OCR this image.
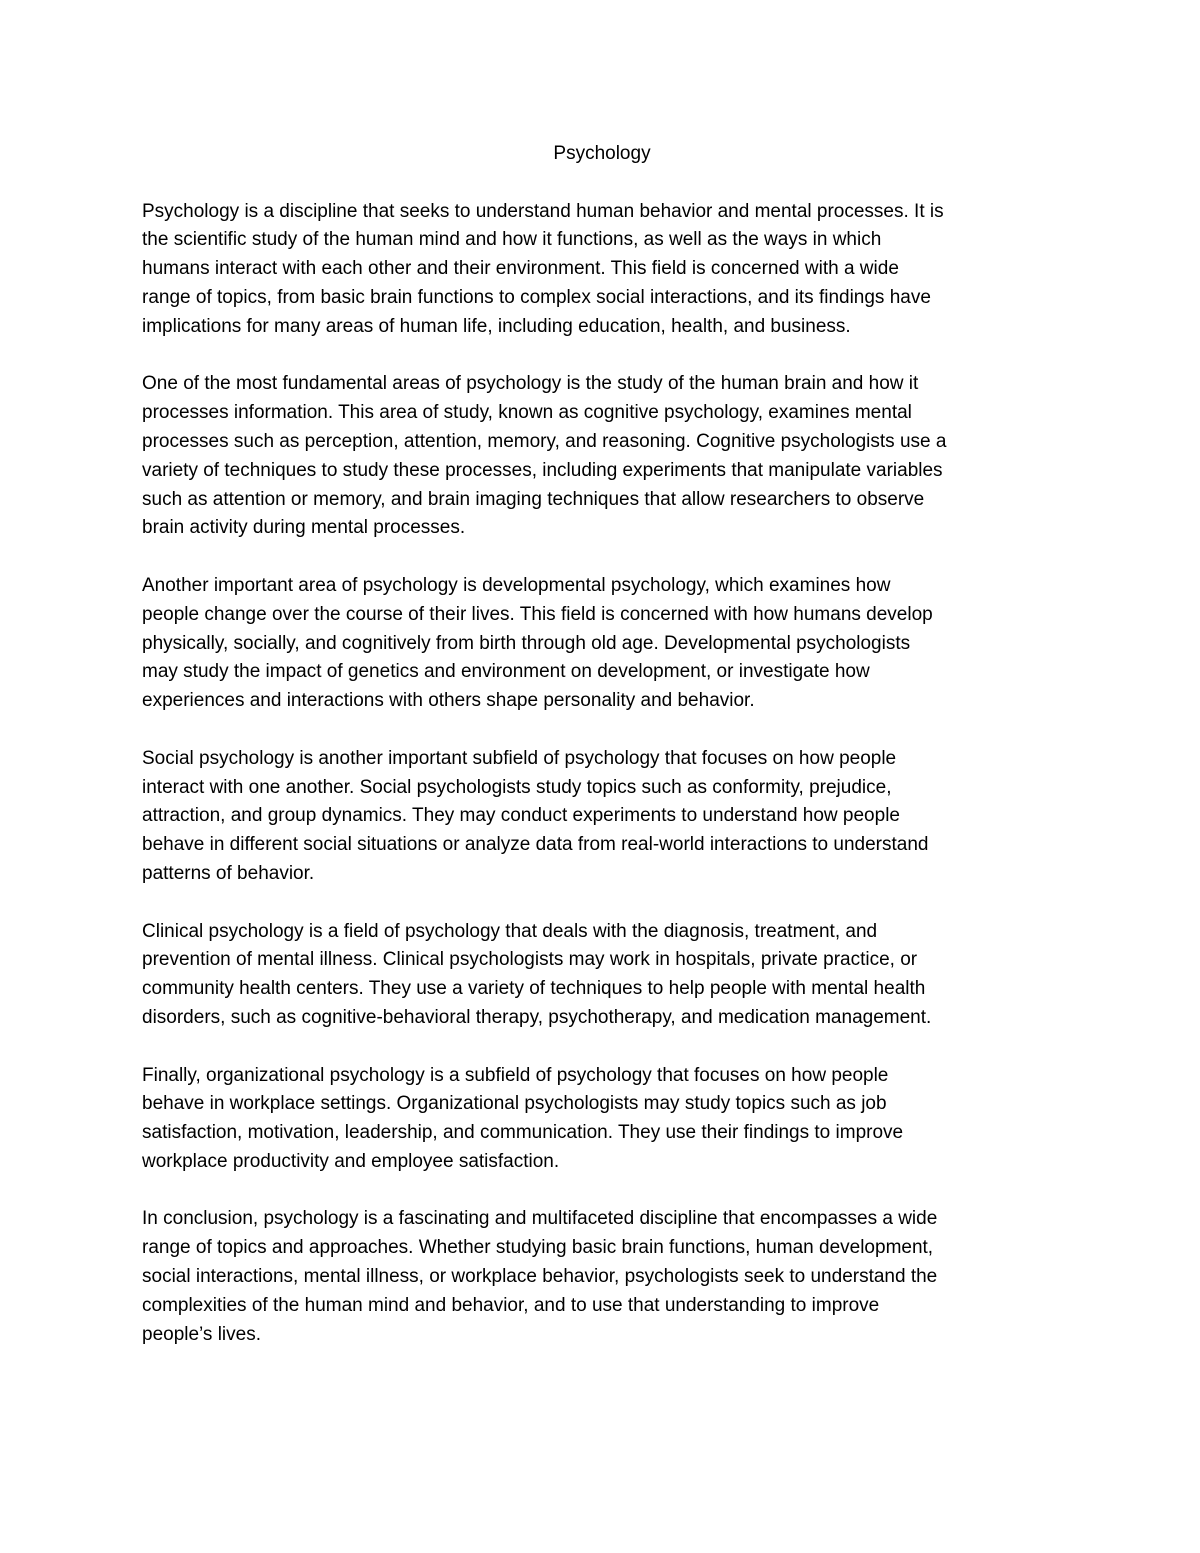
Psychology
Psychology is a discipline that seeks to understand human behavior and mental processes. It is
the scientific study of the human mind and how it functions, as well as the ways in which
humans interact with each other and their environment. This field is concerned with a wide
range of topics, from basic brain functions to complex social interactions, and its findings have
implications for many areas of human life, including education, health, and business.
One of the most fundamental areas of psychology is the study of the human brain and how it
processes information. This area of study, known as cognitive psychology, examines mental
processes such as perception, attention, memory, and reasoning. Cognitive psychologists use a
variety of techniques to study these processes, including experiments that manipulate variables
such as attention or memory, and brain imaging techniques that allow researchers to observe
brain activity during mental processes.
Another important area of psychology is developmental psychology, which examines how
people change over the course of their lives. This field is concerned with how humans develop
physically, socially, and cognitively from birth through old age. Developmental psychologists
may study the impact of genetics and environment on development, or investigate how
experiences and interactions with others shape personality and behavior.
Social psychology is another important subfield of psychology that focuses on how people
interact with one another. Social psychologists study topics such as conformity, prejudice,
attraction, and group dynamics. They may conduct experiments to understand how people
behave in different social situations or analyze data from real-world interactions to understand
patterns of behavior.
Clinical psychology is a field of psychology that deals with the diagnosis, treatment, and
prevention of mental illness. Clinical psychologists may work in hospitals, private practice, or
community health centers. They use a variety of techniques to help people with mental health
disorders, such as cognitive-behavioral therapy, psychotherapy, and medication management.
Finally, organizational psychology is a subfield of psychology that focuses on how people
behave in workplace settings. Organizational psychologists may study topics such as job
satisfaction, motivation, leadership, and communication. They use their findings to improve
workplace productivity and employee satisfaction.
In conclusion, psychology is a fascinating and multifaceted discipline that encompasses a wide
range of topics and approaches. Whether studying basic brain functions, human development,
social interactions, mental illness, or workplace behavior, psychologists seek to understand the
complexities of the human mind and behavior, and to use that understanding to improve
people’s lives.
